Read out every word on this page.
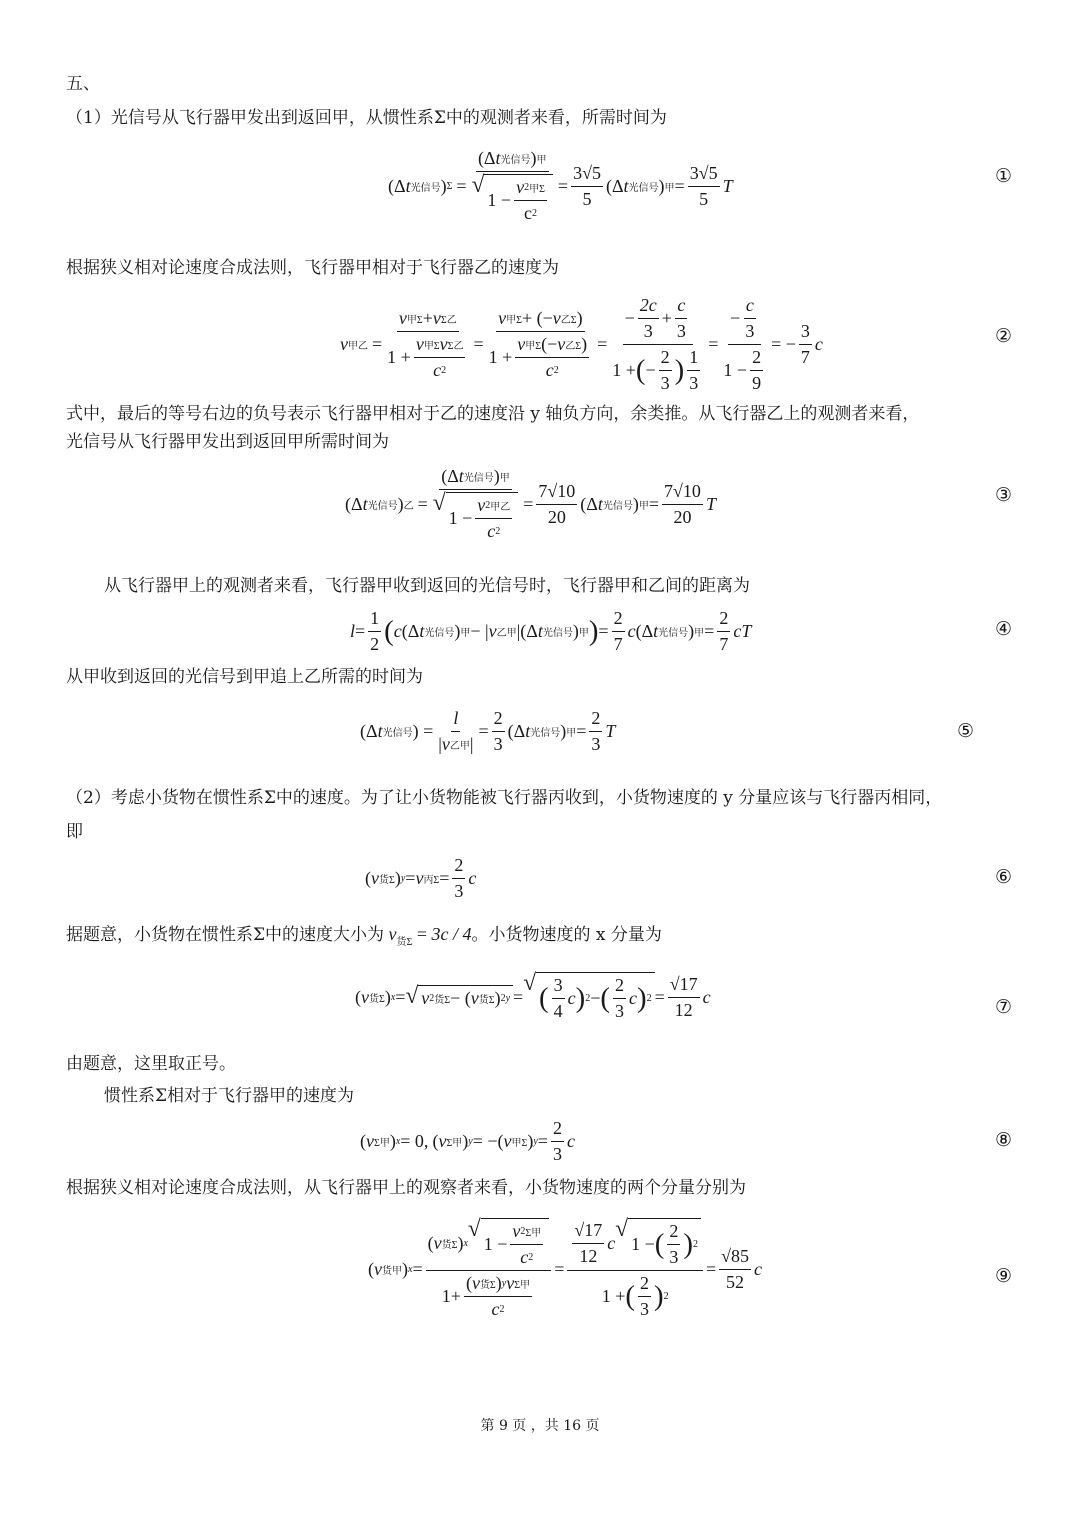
五、
（1）光信号从飞行器甲发出到返回甲，从惯性系Σ中的观测者来看，所需时间为
(Δ t 光信号 ) Σ =
(Δ t 光信号 ) 甲
√
1 −
v 2 甲Σ
c 2
=
3√5
5
(Δ t 光信号 ) 甲 =
3√5
5
T	①
根据狭义相对论速度合成法则，飞行器甲相对于飞行器乙的速度为
v 甲 乙 =
v 甲Σ + v Σ乙
1 +
v 甲Σ v Σ乙
c 2
=
v 甲Σ + (− v 乙Σ )
1 +
v 甲Σ (− v 乙Σ )
c 2
=
−
2c
3
+
c
3
1 + ( −
2
3 ) 1
3
=
−
c
3
1 −
2
9
= −
3
7
c	②
式中，最后的等号右边的负号表示飞行器甲相对于乙的速度沿 y 轴负方向，余类推。从飞行器乙上的观测者来看，
光信号从飞行器甲发出到返回甲所需时间为
(Δ t 光信号 ) 乙 =
(Δ t 光信号 ) 甲
√
1 −
v 2 甲 乙
c 2
=
7√10
20
(Δ t 光信号 ) 甲 =
7√10
20
T	③
从飞行器甲上的观测者来看，飞行器甲收到返回的光信号时，飞行器甲和乙间的距离为
l =
1
2 ( c (Δ t 光信号 ) 甲 − | v 乙甲 |(Δ t 光信号 ) 甲 ) =
2
7
c (Δ t 光信号 ) 甲 =
2
7
cT	④
从甲收到返回的光信号到甲追上乙所需的时间为
(Δ t 光信号 ) =
l
| v 乙甲 |
=
2
3
(Δ t 光信号 ) 甲 =
2
3
T	⑤
（2）考虑小货物在惯性系Σ中的速度。为了让小货物能被飞行器丙收到，小货物速度的 y 分量应该与飞行器丙相同，
即
( v 货Σ ) y = v 丙Σ =
2
3
c	⑥
据题意，小货物在惯性系Σ中的速度大小为 $v_{货\Sigma} = 3c / 4$。小货物速度的 x 分量为
( v 货Σ ) x = √ v 2 货Σ − ( v 货Σ ) 2 y =
√ ( 3
4
c ) 2 − ( 2
3
c ) 2 =
√17
12
c	⑦
由题意，这里取正号。
惯性系Σ相对于飞行器甲的速度为
( v Σ甲 ) x = 0,
( v Σ甲 ) y = −( v 甲Σ ) y =
2
3
c	⑧
根据狭义相对论速度合成法则，从飞行器甲上的观察者来看，小货物速度的两个分量分别为
( v 货甲 ) x =
( v 货Σ ) x
√
1 −
v 2 Σ甲
c 2
1+
( v 货Σ ) y v Σ甲
c 2
=
√17
12
c
√
1 − ( 2
3 ) 2
1 + ( 2
3 ) 2
=
√85
52
c	⑨
第 9 页 ，共 16 页
